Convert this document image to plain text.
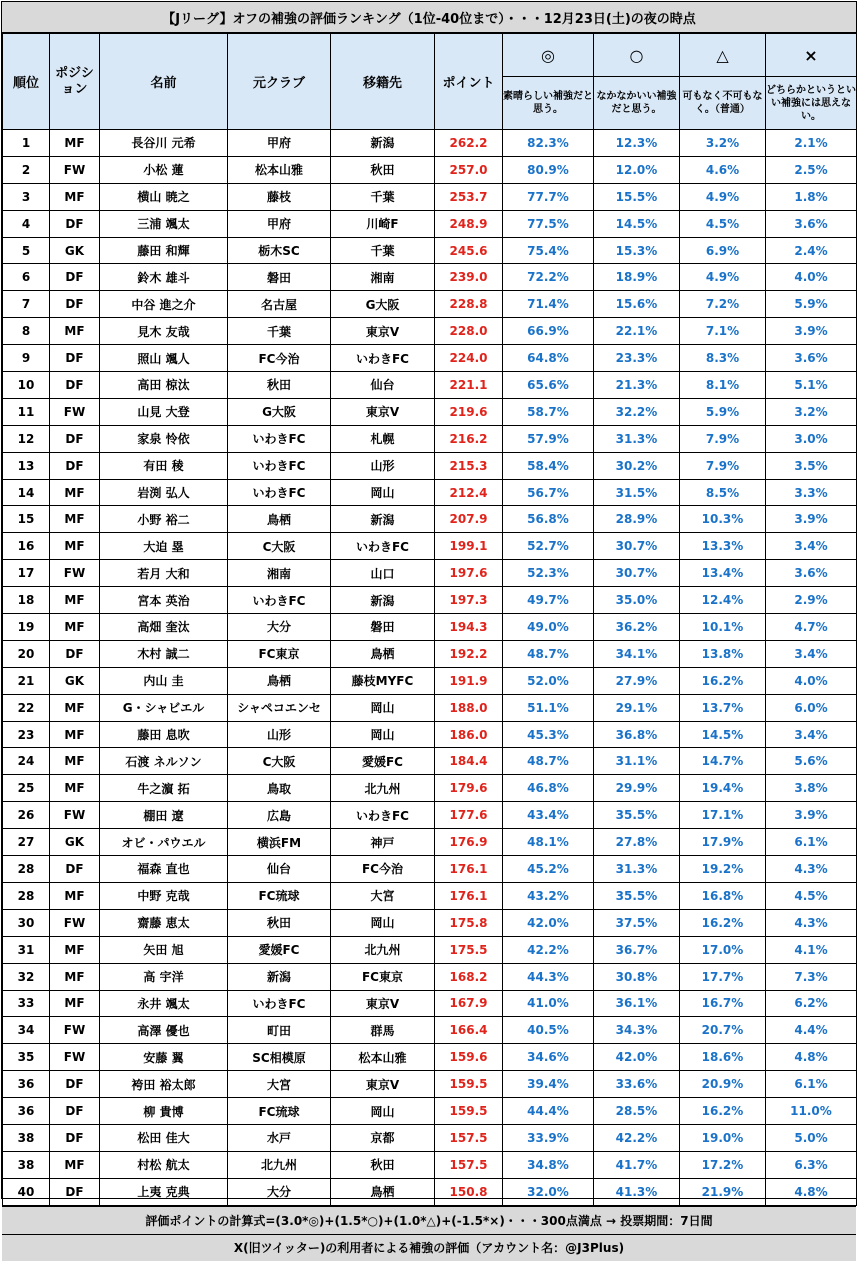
【Jリーグ】オフの補強の評価ランキング（1位-40位まで）・・・12月23日(土)の夜の時点
順位	ポジション	名前	元クラブ	移籍先	ポイント	◎	○	△	×
						素晴らしい補強だと思う。	なかなかいい補強だと思う。	可もなく不可もなく。（普通）	どちらかというといい補強には思えない。
1	MF	長谷川 元希	甲府	新潟	262.2	82.3%	12.3%	3.2%	2.1%
2	FW	小松 蓮	松本山雅	秋田	257.0	80.9%	12.0%	4.6%	2.5%
3	MF	横山 暁之	藤枝	千葉	253.7	77.7%	15.5%	4.9%	1.8%
4	DF	三浦 颯太	甲府	川崎F	248.9	77.5%	14.5%	4.5%	3.6%
5	GK	藤田 和輝	栃木SC	千葉	245.6	75.4%	15.3%	6.9%	2.4%
6	DF	鈴木 雄斗	磐田	湘南	239.0	72.2%	18.9%	4.9%	4.0%
7	DF	中谷 進之介	名古屋	G大阪	228.8	71.4%	15.6%	7.2%	5.9%
8	MF	見木 友哉	千葉	東京V	228.0	66.9%	22.1%	7.1%	3.9%
9	DF	照山 颯人	FC今治	いわきFC	224.0	64.8%	23.3%	8.3%	3.6%
10	DF	高田 椋汰	秋田	仙台	221.1	65.6%	21.3%	8.1%	5.1%
11	FW	山見 大登	G大阪	東京V	219.6	58.7%	32.2%	5.9%	3.2%
12	DF	家泉 怜依	いわきFC	札幌	216.2	57.9%	31.3%	7.9%	3.0%
13	DF	有田 稜	いわきFC	山形	215.3	58.4%	30.2%	7.9%	3.5%
14	MF	岩渕 弘人	いわきFC	岡山	212.4	56.7%	31.5%	8.5%	3.3%
15	MF	小野 裕二	鳥栖	新潟	207.9	56.8%	28.9%	10.3%	3.9%
16	MF	大迫 塁	C大阪	いわきFC	199.1	52.7%	30.7%	13.3%	3.4%
17	FW	若月 大和	湘南	山口	197.6	52.3%	30.7%	13.4%	3.6%
18	MF	宮本 英治	いわきFC	新潟	197.3	49.7%	35.0%	12.4%	2.9%
19	MF	高畑 奎汰	大分	磐田	194.3	49.0%	36.2%	10.1%	4.7%
20	DF	木村 誠二	FC東京	鳥栖	192.2	48.7%	34.1%	13.8%	3.4%
21	GK	内山 圭	鳥栖	藤枝MYFC	191.9	52.0%	27.9%	16.2%	4.0%
22	MF	G・シャビエル	シャペコエンセ	岡山	188.0	51.1%	29.1%	13.7%	6.0%
23	MF	藤田 息吹	山形	岡山	186.0	45.3%	36.8%	14.5%	3.4%
24	MF	石渡 ネルソン	C大阪	愛媛FC	184.4	48.7%	31.1%	14.7%	5.6%
25	MF	牛之濵 拓	鳥取	北九州	179.6	46.8%	29.9%	19.4%	3.8%
26	FW	棚田 遼	広島	いわきFC	177.6	43.4%	35.5%	17.1%	3.9%
27	GK	オビ・パウエル	横浜FM	神戸	176.9	48.1%	27.8%	17.9%	6.1%
28	DF	福森 直也	仙台	FC今治	176.1	45.2%	31.3%	19.2%	4.3%
28	MF	中野 克哉	FC琉球	大宮	176.1	43.2%	35.5%	16.8%	4.5%
30	FW	齋藤 恵太	秋田	岡山	175.8	42.0%	37.5%	16.2%	4.3%
31	MF	矢田 旭	愛媛FC	北九州	175.5	42.2%	36.7%	17.0%	4.1%
32	MF	高 宇洋	新潟	FC東京	168.2	44.3%	30.8%	17.7%	7.3%
33	MF	永井 颯太	いわきFC	東京V	167.9	41.0%	36.1%	16.7%	6.2%
34	FW	高澤 優也	町田	群馬	166.4	40.5%	34.3%	20.7%	4.4%
35	FW	安藤 翼	SC相模原	松本山雅	159.6	34.6%	42.0%	18.6%	4.8%
36	DF	袴田 裕太郎	大宮	東京V	159.5	39.4%	33.6%	20.9%	6.1%
36	DF	柳 貴博	FC琉球	岡山	159.5	44.4%	28.5%	16.2%	11.0%
38	DF	松田 佳大	水戸	京都	157.5	33.9%	42.2%	19.0%	5.0%
38	MF	村松 航太	北九州	秋田	157.5	34.8%	41.7%	17.2%	6.3%
40	DF	上夷 克典	大分	鳥栖	150.8	32.0%	41.3%	21.9%	4.8%
評価ポイントの計算式=(3.0*◎)+(1.5*○)+(1.0*△)+(-1.5*×)・・・300点満点 → 投票期間：7日間
X(旧ツイッター)の利用者による補強の評価（アカウント名：@J3Plus)
